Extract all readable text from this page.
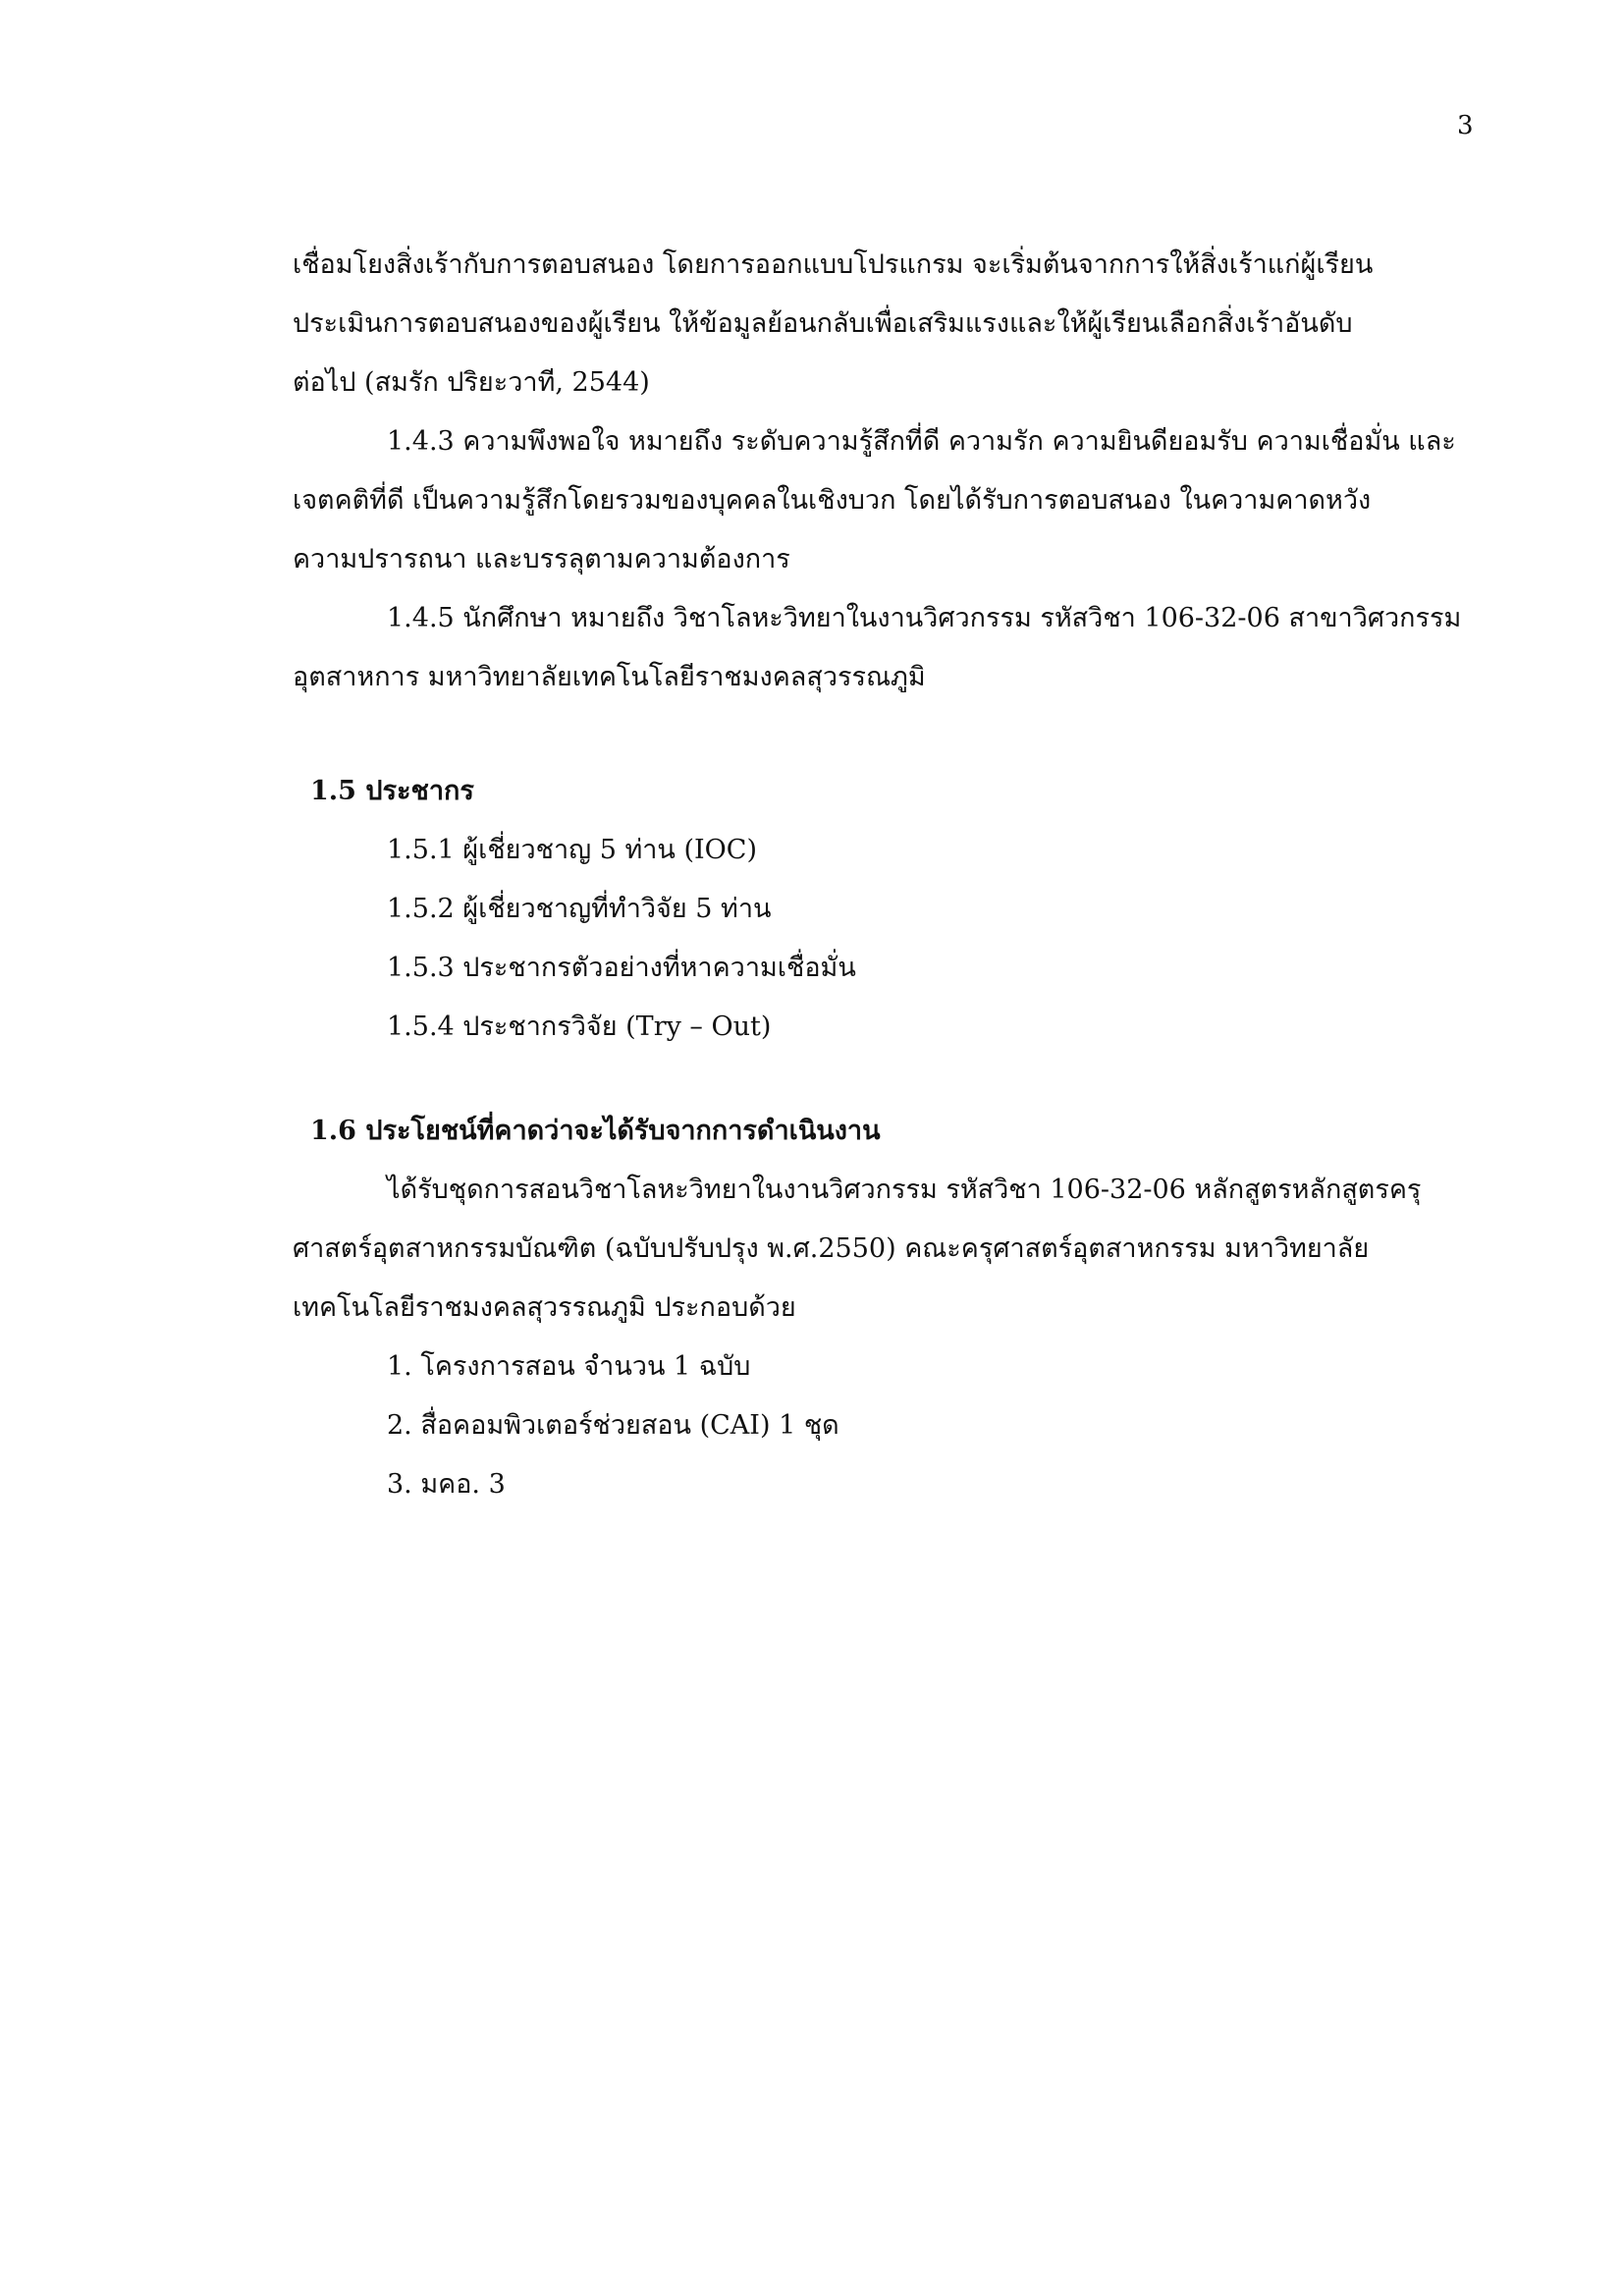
3
เชื่อมโยงสิ่งเร้ากับการตอบสนอง โดยการออกแบบโปรแกรม จะเริ่มต้นจากการให้สิ่งเร้าแก่ผู้เรียน
ประเมินการตอบสนองของผู้เรียน ให้ข้อมูลย้อนกลับเพื่อเสริมแรงและให้ผู้เรียนเลือกสิ่งเร้าอันดับ
ต่อไป (สมรัก ปริยะวาที, 2544)
1.4.3 ความพึงพอใจ หมายถึง ระดับความรู้สึกที่ดี ความรัก ความยินดียอมรับ ความเชื่อมั่น และ
เจตคติที่ดี เป็นความรู้สึกโดยรวมของบุคคลในเชิงบวก โดยได้รับการตอบสนอง ในความคาดหวัง
ความปรารถนา และบรรลุตามความต้องการ
1.4.5 นักศึกษา หมายถึง วิชาโลหะวิทยาในงานวิศวกรรม รหัสวิชา 106-32-06 สาขาวิศวกรรม
อุตสาหการ มหาวิทยาลัยเทคโนโลยีราชมงคลสุวรรณภูมิ
1.5 ประชากร
1.5.1 ผู้เชี่ยวชาญ 5 ท่าน (IOC)
1.5.2 ผู้เชี่ยวชาญที่ทำวิจัย 5 ท่าน
1.5.3 ประชากรตัวอย่างที่หาความเชื่อมั่น
1.5.4 ประชากรวิจัย (Try – Out)
1.6 ประโยชน์ที่คาดว่าจะได้รับจากการดำเนินงาน
ได้รับชุดการสอนวิชาโลหะวิทยาในงานวิศวกรรม รหัสวิชา 106-32-06 หลักสูตรหลักสูตรครุ
ศาสตร์อุตสาหกรรมบัณฑิต (ฉบับปรับปรุง พ.ศ.2550) คณะครุศาสตร์อุตสาหกรรม มหาวิทยาลัย
เทคโนโลยีราชมงคลสุวรรณภูมิ ประกอบด้วย
1. โครงการสอน จำนวน 1 ฉบับ
2. สื่อคอมพิวเตอร์ช่วยสอน (CAI) 1 ชุด
3. มคอ. 3
